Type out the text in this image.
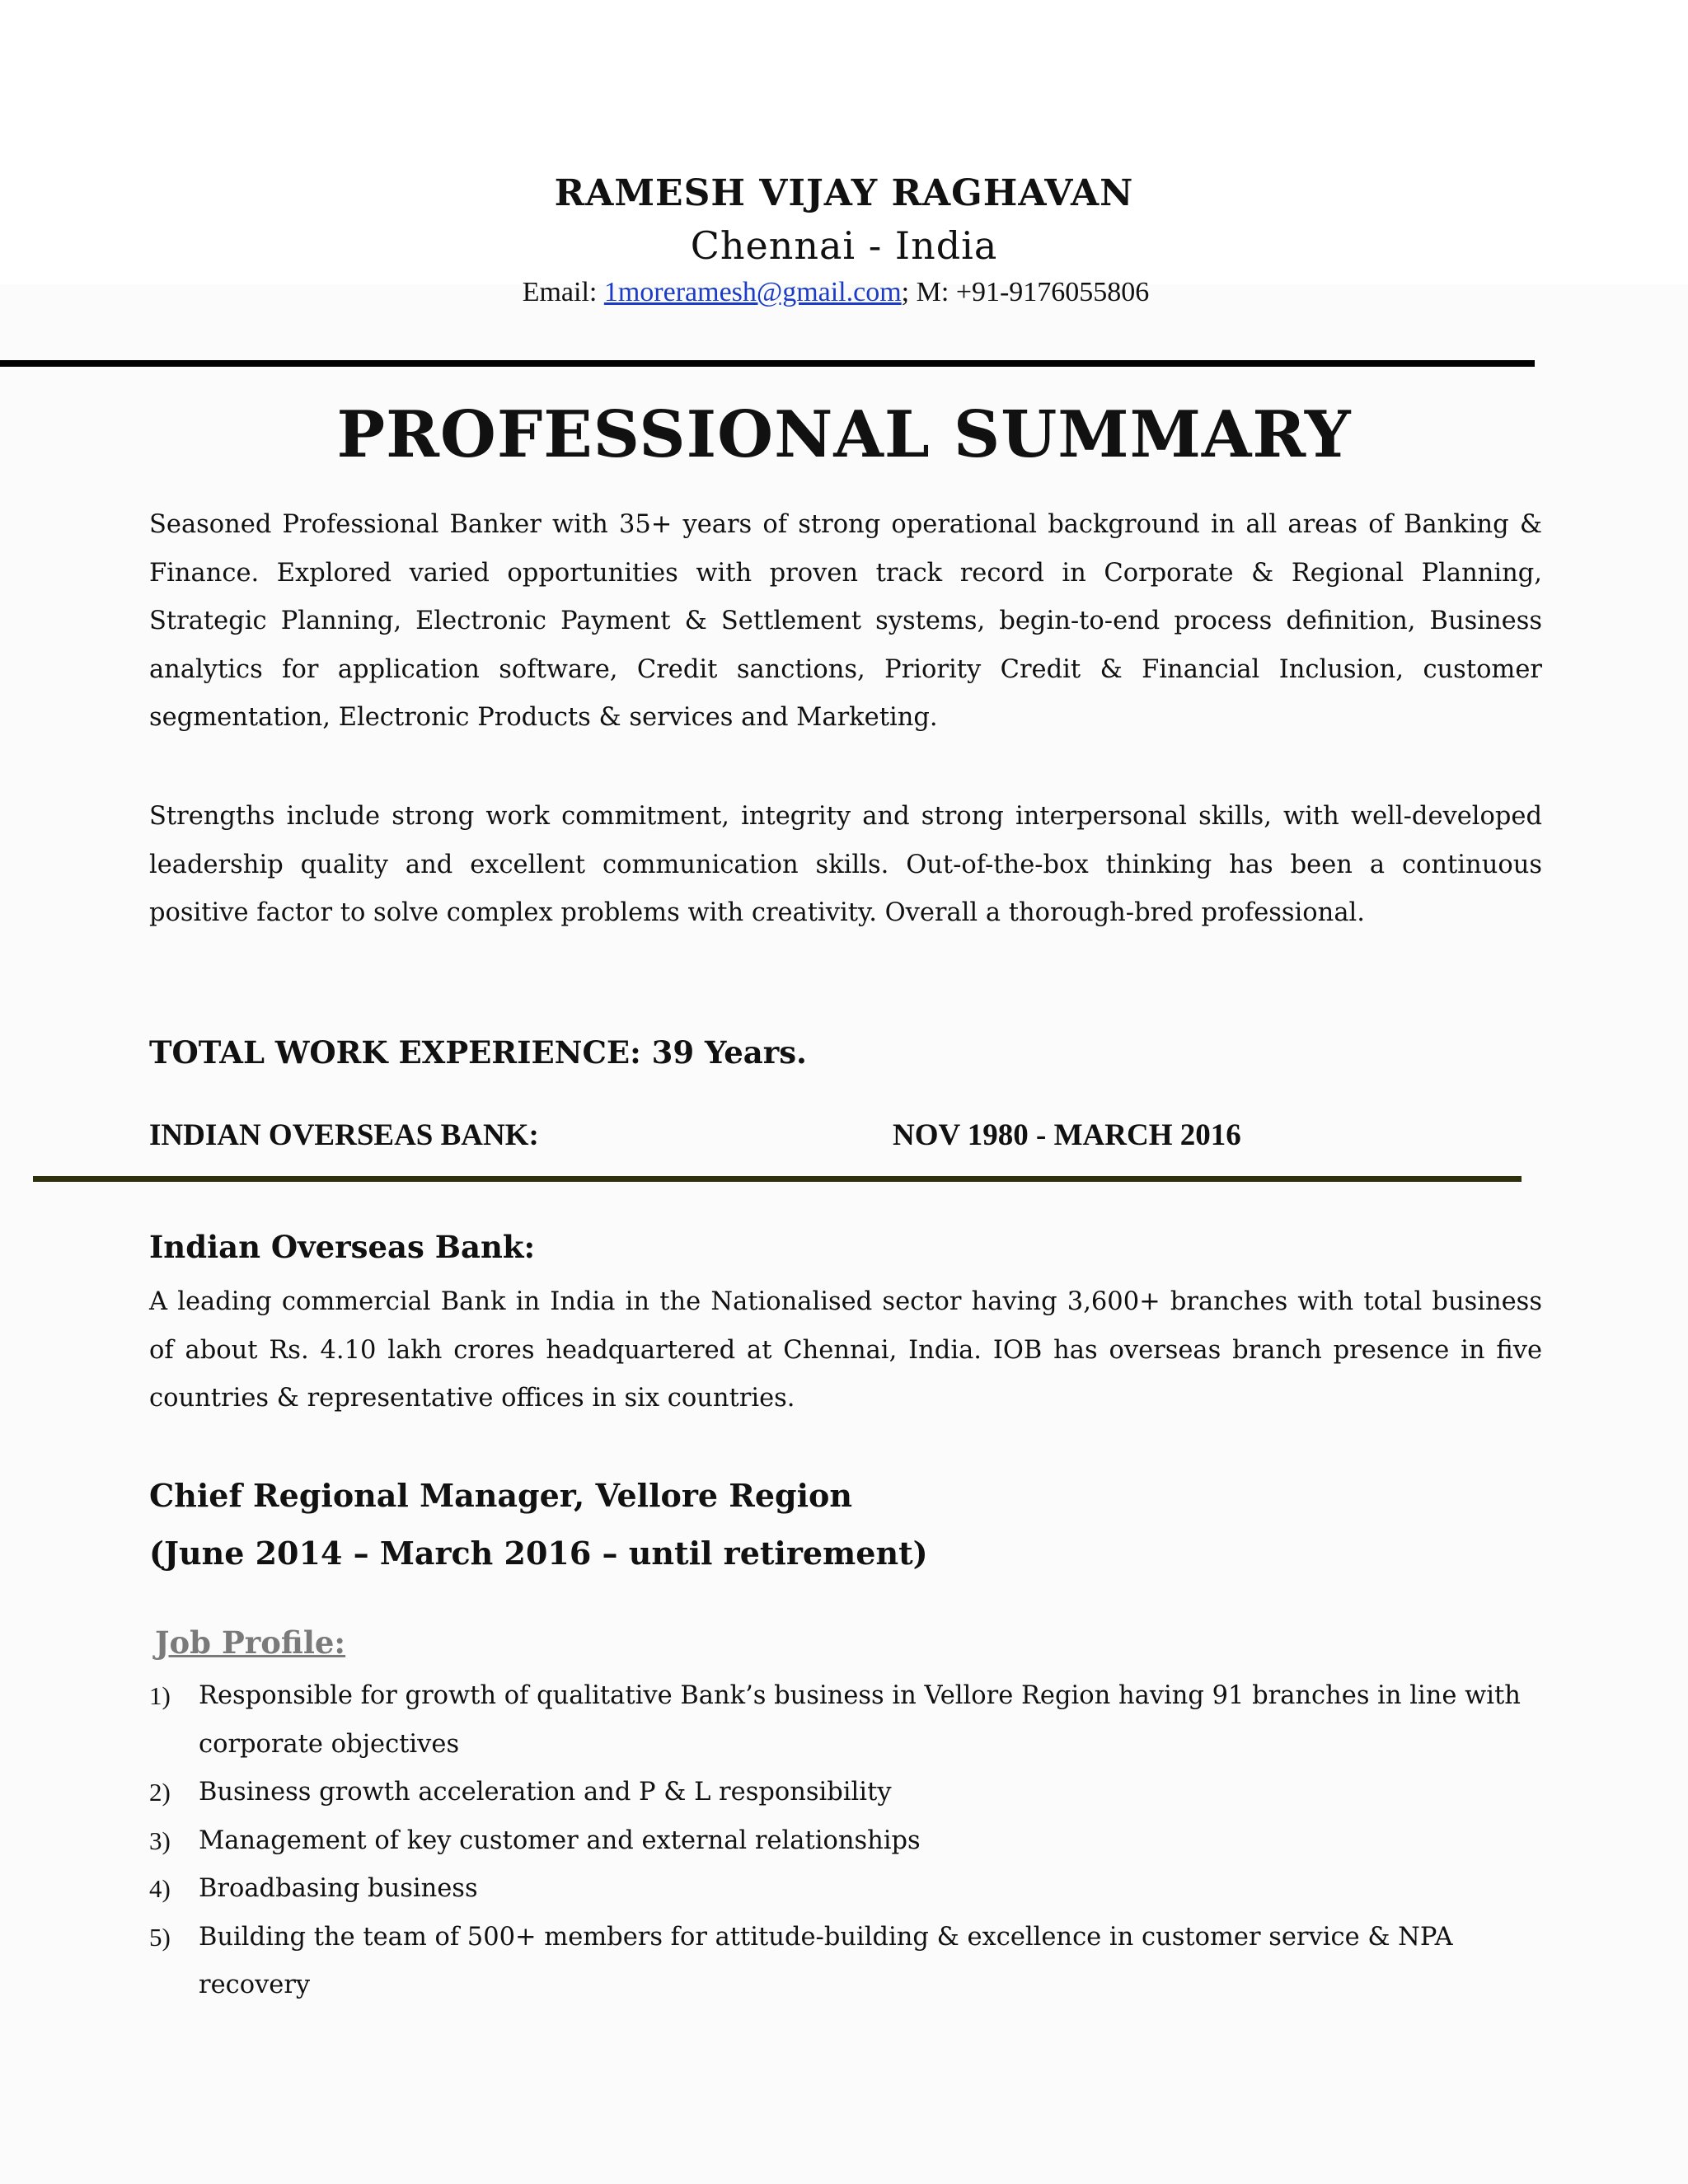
RAMESH VIJAY RAGHAVAN
Chennai - India
Email: 1moreramesh@gmail.com; M: +91-9176055806
PROFESSIONAL SUMMARY

Seasoned Professional Banker with 35+ years of strong operational background in all areas of Banking & Finance. Explored varied opportunities with proven track record in Corporate & Regional Planning, Strategic Planning, Electronic Payment & Settlement systems, begin-to-end process definition, Business analytics for application software, Credit sanctions, Priority Credit & Financial Inclusion, customer segmentation, Electronic Products & services and Marketing.

Strengths include strong work commitment, integrity and strong interpersonal skills, with well-developed leadership quality and excellent communication skills. Out-of-the-box thinking has been a continuous positive factor to solve complex problems with creativity. Overall a thorough-bred professional.

TOTAL WORK EXPERIENCE: 39 Years.
INDIAN OVERSEAS BANK:	NOV 1980 - MARCH 2016
Indian Overseas Bank:

A leading commercial Bank in India in the Nationalised sector having 3,600+ branches with total business of about Rs. 4.10 lakh crores headquartered at Chennai, India. IOB has overseas branch presence in five countries & representative offices in six countries.

Chief Regional Manager, Vellore Region
(June 2014 – March 2016 – until retirement)
Job Profile:
1) Responsible for growth of qualitative Bank’s business in Vellore Region having 91 branches in line with corporate objectives
2) Business growth acceleration and P & L responsibility
3) Management of key customer and external relationships
4) Broadbasing business
5) Building the team of 500+ members for attitude-building & excellence in customer service & NPA recovery
